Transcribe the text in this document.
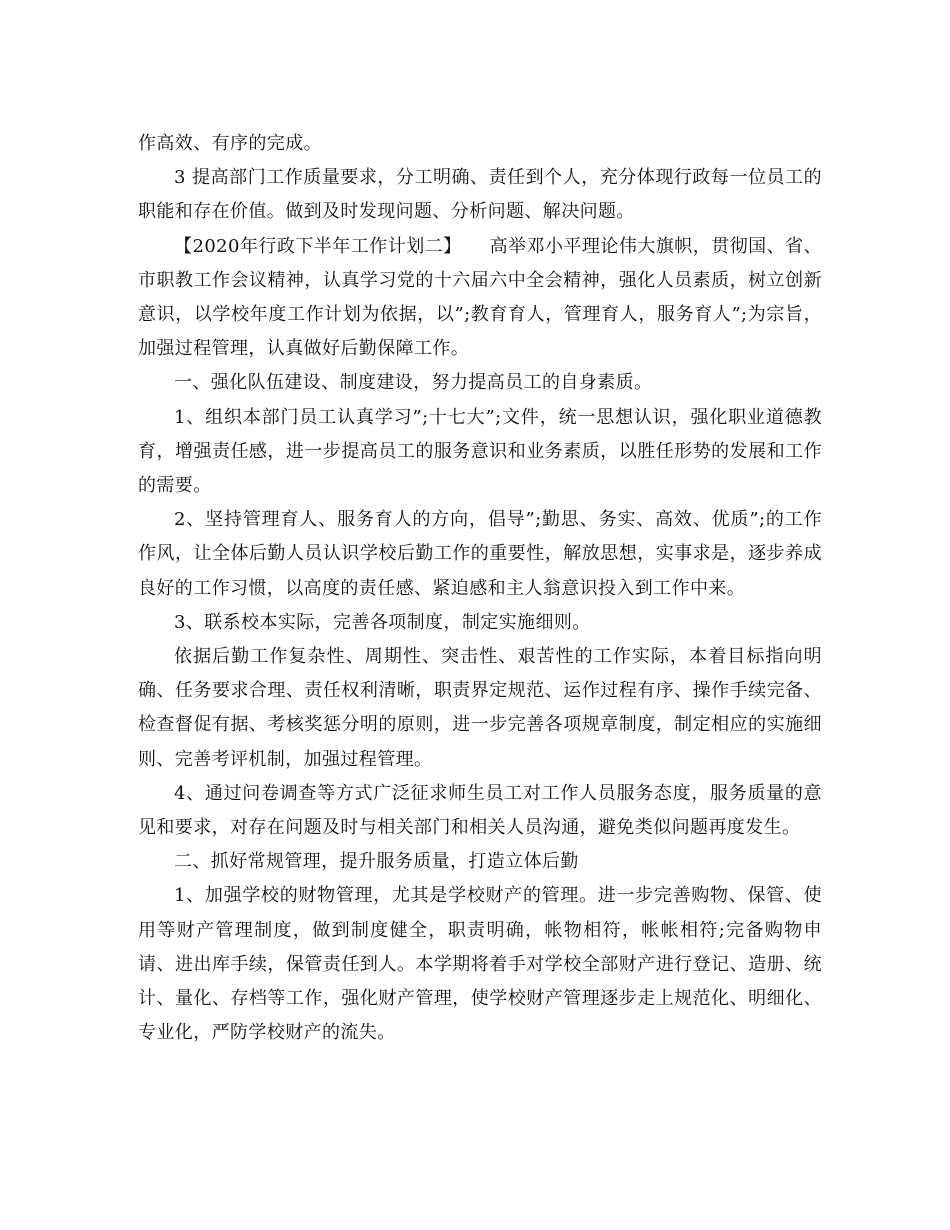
作高效、有序的完成。

3 提高部门工作质量要求，分工明确、责任到个人，充分体现行政每一位员工的职能和存在价值。做到及时发现问题、分析问题、解决问题。

【2020年行政下半年工作计划二】　　高举邓小平理论伟大旗帜，贯彻国、省、市职教工作会议精神，认真学习党的十六届六中全会精神，强化人员素质，树立创新意识，以学校年度工作计划为依据，以”;教育育人，管理育人，服务育人”;为宗旨，加强过程管理，认真做好后勤保障工作。

一、强化队伍建设、制度建设，努力提高员工的自身素质。

1、组织本部门员工认真学习”;十七大”;文件，统一思想认识，强化职业道德教育，增强责任感，进一步提高员工的服务意识和业务素质，以胜任形势的发展和工作的需要。

2、坚持管理育人、服务育人的方向，倡导”;勤思、务实、高效、优质”;的工作作风，让全体后勤人员认识学校后勤工作的重要性，解放思想，实事求是，逐步养成良好的工作习惯，以高度的责任感、紧迫感和主人翁意识投入到工作中来。

3、联系校本实际，完善各项制度，制定实施细则。

依据后勤工作复杂性、周期性、突击性、艰苦性的工作实际，本着目标指向明确、任务要求合理、责任权利清晰，职责界定规范、运作过程有序、操作手续完备、检查督促有据、考核奖惩分明的原则，进一步完善各项规章制度，制定相应的实施细则、完善考评机制，加强过程管理。

4、通过问卷调查等方式广泛征求师生员工对工作人员服务态度，服务质量的意见和要求，对存在问题及时与相关部门和相关人员沟通，避免类似问题再度发生。

二、抓好常规管理，提升服务质量，打造立体后勤

1、加强学校的财物管理，尤其是学校财产的管理。进一步完善购物、保管、使用等财产管理制度，做到制度健全，职责明确，帐物相符，帐帐相符;完备购物申请、进出库手续，保管责任到人。本学期将着手对学校全部财产进行登记、造册、统计、量化、存档等工作，强化财产管理，使学校财产管理逐步走上规范化、明细化、专业化，严防学校财产的流失。
